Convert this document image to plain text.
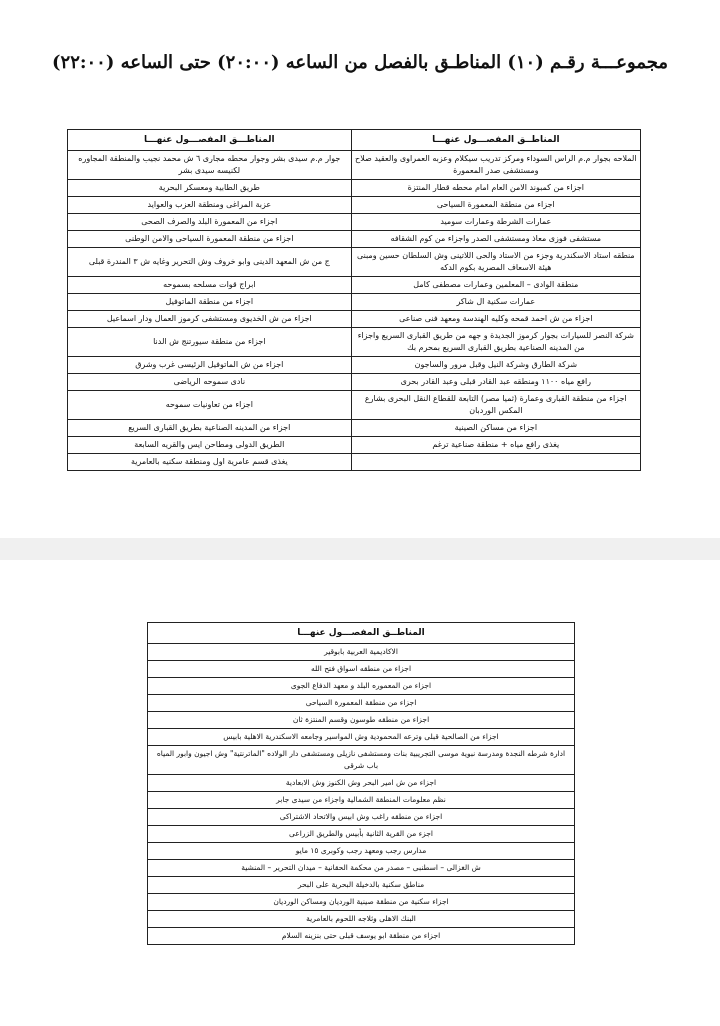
مجموعـــة رقـم (١٠) المناطـق بالفصل من الساعه (٢٠:٠٠) حتى الساعه (٢٢:٠٠)
المناطــق المفصـــول عنهـــا	المناطـــق المفصـــول عنهـــا
الملاحه بجوار م.م الراس السوداء ومركز تدريب سيكلام وعزبه العمراوى والعقيد صلاح ومستشفى صدر المعمورة	جوار م.م سيدى بشر وجوار محطه مجارى ٦ ش محمد نجيب والمنطقة المجاوره لكنيسه سيدى بشر
اجزاء من كمبوند الامن العام امام محطه قطار المنتزة	طريق الطابية ومعسكر البحرية
اجزاء من منطقة المعمورة السياحى	عزبة المراغى ومنطقة العزب والعوايد
عمارات الشرطة وعمارات سوميد	اجزاء من المعمورة البلد والصرف الصحى
مستشفى فوزى معاذ ومستشفى الصدر واجزاء من كوم الشقافه	اجزاء من منطقة المعمورة السياحى والامن الوطنى
منطقه استاد الاسكندرية وجزء من الاستاد والحى اللاتينى وش السلطان حسين ومبنى هيئة الاسعاف المصرية بكوم الدكه	ج من ش المعهد الدينى وابو خروف وش التحرير وغايه ش ٣ المندرة قبلى
منطقة الوادى – المعلمين وعمارات مصطفى كامل	ابراج قوات مسلحه بسموحه
عمارات سكنية ال شاكر	اجزاء من منطقة الماتوفيل
اجزاء من ش احمد قمحه وكليه الهندسة ومعهد فنى صناعى	اجزاء من ش الخديوى ومستشفى كرموز العمال ودار اسماعيل
شركة النصر للسيارات بجوار كرموز الجديدة و جهه من طريق القبارى السريع واجزاء من المدينه الصناعية بطريق القبارى السريع بمحرم بك	اجزاء من منطقة سيورتنج ش الدنا
شركة الطارق وشركة النيل وقبل مرور والساجون	اجزاء من ش الماتوفيل الرئيسى غرب وشرق
رافع مياه ١١٠٠ ومنطقه عبد القادر قبلى وعبد القادر بحرى	نادى سموحه الرياضى
اجزاء من منطقة القبارى وعمارة (ثميا مصر) التابعة للقطاع النقل البحرى بشارع المكس الوردبان	اجزاء من تعاونيات سموحه
اجزاء من مساكن الصينية	اجزاء من المدينه الصناعية بطريق القبارى السريع
يغذى رافع مياه + منطقة صناعية ترغم	الطريق الدولى ومطاحن ايس والقريه السابعة
	يغذى قسم عامرية اول ومنطقة سكنيه بالعامرية
المناطــق المفصـــول عنهـــا
الاكاديمية العربية بابوقير
اجزاء من منطقه اسواق فتح الله
اجزاء من المعموره البلد و معهد الدفاع الجوى
اجزاء من منطقة المعمورة السياحى
اجزاء من منطقه طوسون وقسم المنتزة ثان
اجزاء من الصالحية قبلى وترعه المحمودية وش المواسير وجامعه الاسكندرية الاهلية بابيس
ادارة شرطه النجدة ومدرسة نبوية موسى التجريبية بنات ومستشفى نازيلى ومستشفى دار الولاده "الماترنتية" وش اجيون وابور المياه باب شرقى
اجزاء من ش امير البحر وش الكنوز وش الابعادية
نظم معلومات المنطقة الشمالية واجزاء من سيدى جابر
اجزاء من منطقه راغب وش ابيس والاتحاد الاشتراكى
اجزء من القرية الثانية بأبيس والطريق الزراعى
مدارس رجب ومعهد رجب وكوبرى ١٥ مايو
ش الغزالى – اسطنبى – مصدر من محكمة الحقانية – ميدان التحرير – المنشية
مناطق سكنية بالدخيلة البحرية على البحر
اجزاء سكنية من منطقة صينية الورديان ومساكن الورديان
البنك الاهلى وثلاجه اللحوم بالعامرية
اجزاء من منطقة ابو يوسف قبلى حتى بنزينه السلام
